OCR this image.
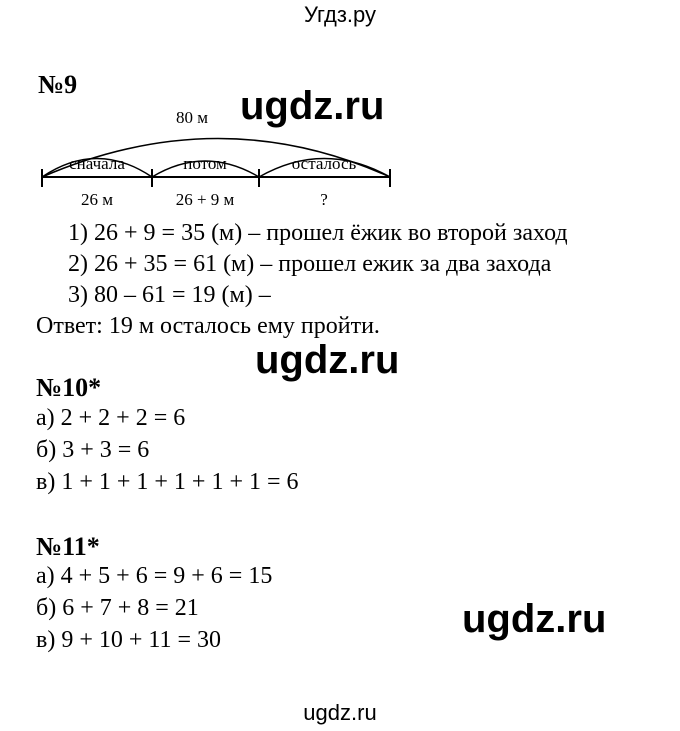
Угдз.ру
№9	ugdz.ru
80 м
сначала	потом	осталось
26 м	26 + 9 м	?
1) 26 + 9 = 35 (м) – прошел ёжик во второй заход
2) 26 + 35 = 61 (м) – прошел ежик за два захода
3) 80 – 61 = 19 (м) –
Ответ: 19 м осталось ему пройти.
ugdz.ru
№10*
а) 2 + 2 + 2 = 6
б) 3 + 3 = 6
в) 1 + 1 + 1 + 1 + 1 + 1 = 6
№11*
а) 4 + 5 + 6 = 9 + 6 = 15
б) 6 + 7 + 8 = 21
в) 9 + 10 + 11 = 30	ugdz.ru
ugdz.ru
